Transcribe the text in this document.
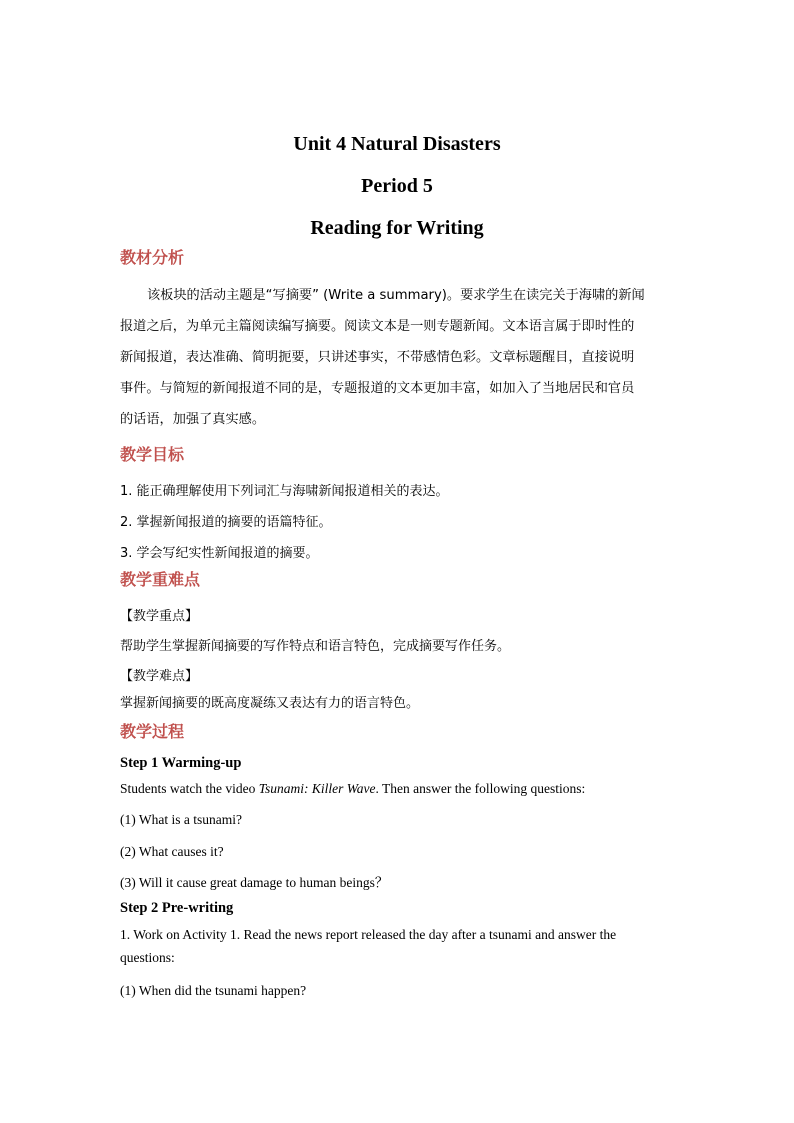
Unit 4 Natural Disasters
Period 5
Reading for Writing
教材分析
该板块的活动主题是“写摘要” (Write a summary)。要求学生在读完关于海啸的新闻
报道之后，为单元主篇阅读编写摘要。阅读文本是一则专题新闻。文本语言属于即时性的
新闻报道，表达准确、简明扼要，只讲述事实，不带感情色彩。文章标题醒目，直接说明
事件。与简短的新闻报道不同的是，专题报道的文本更加丰富，如加入了当地居民和官员
的话语，加强了真实感。
教学目标
1. 能正确理解使用下列词汇与海啸新闻报道相关的表达。
2. 掌握新闻报道的摘要的语篇特征。
3. 学会写纪实性新闻报道的摘要。
教学重难点
【教学重点】
帮助学生掌握新闻摘要的写作特点和语言特色，完成摘要写作任务。
【教学难点】
掌握新闻摘要的既高度凝练又表达有力的语言特色。
教学过程
Step 1 Warming-up
Students watch the video Tsunami: Killer Wave. Then answer the following questions:
(1) What is a tsunami?
(2) What causes it?
(3) Will it cause great damage to human beings？
Step 2 Pre-writing
1. Work on Activity 1. Read the news report released the day after a tsunami and answer the
questions:
(1) When did the tsunami happen?
